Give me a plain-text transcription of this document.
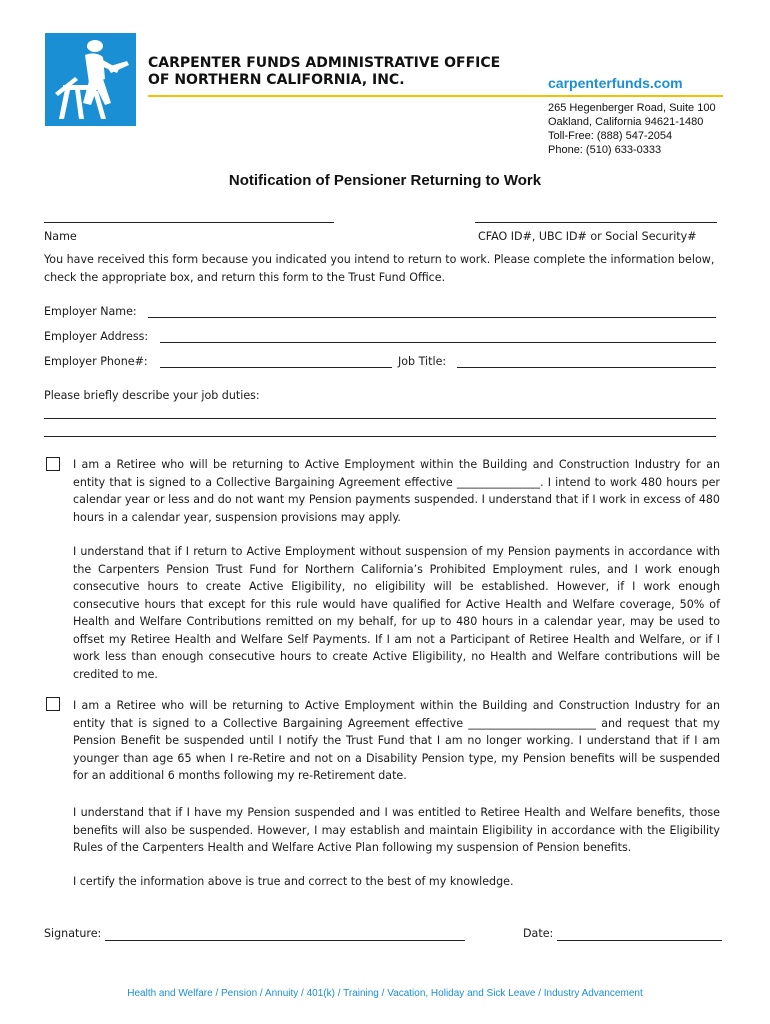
CARPENTER FUNDS ADMINISTRATIVE OFFICE
OF NORTHERN CALIFORNIA, INC.	carpenterfunds.com
265 Hegenberger Road, Suite 100
Oakland, California 94621-1480
Toll-Free: (888) 547-2054
Phone: (510) 633-0333
Notification of Pensioner Returning to Work
Name	CFAO ID#, UBC ID# or Social Security#
You have received this form because you indicated you intend to return to work. Please complete the information below, check the appropriate box, and return this form to the Trust Fund Office.
Employer Name:
Employer Address:
Employer Phone#:	Job Title:
Please briefly describe your job duties:
I am a Retiree who will be returning to Active Employment within the Building and Construction Industry for an entity that is signed to a Collective Bargaining Agreement effective _______________. I intend to work 480 hours per calendar year or less and do not want my Pension payments suspended. I understand that if I work in excess of 480 hours in a calendar year, suspension provisions may apply.
I understand that if I return to Active Employment without suspension of my Pension payments in accordance with the Carpenters Pension Trust Fund for Northern California’s Prohibited Employment rules, and I work enough consecutive hours to create Active Eligibility, no eligibility will be established. However, if I work enough consecutive hours that except for this rule would have qualified for Active Health and Welfare coverage, 50% of Health and Welfare Contributions remitted on my behalf, for up to 480 hours in a calendar year, may be used to offset my Retiree Health and Welfare Self Payments. If I am not a Participant of Retiree Health and Welfare, or if I work less than enough consecutive hours to create Active Eligibility, no Health and Welfare contributions will be credited to me.
I am a Retiree who will be returning to Active Employment within the Building and Construction Industry for an entity that is signed to a Collective Bargaining Agreement effective _______________________ and request that my Pension Benefit be suspended until I notify the Trust Fund that I am no longer working. I understand that if I am younger than age 65 when I re-Retire and not on a Disability Pension type, my Pension benefits will be suspended for an additional 6 months following my re-Retirement date.
I understand that if I have my Pension suspended and I was entitled to Retiree Health and Welfare benefits, those benefits will also be suspended. However, I may establish and maintain Eligibility in accordance with the Eligibility Rules of the Carpenters Health and Welfare Active Plan following my suspension of Pension benefits.
I certify the information above is true and correct to the best of my knowledge.
Signature:	Date:
Health and Welfare / Pension / Annuity / 401(k) / Training / Vacation, Holiday and Sick Leave / Industry Advancement
